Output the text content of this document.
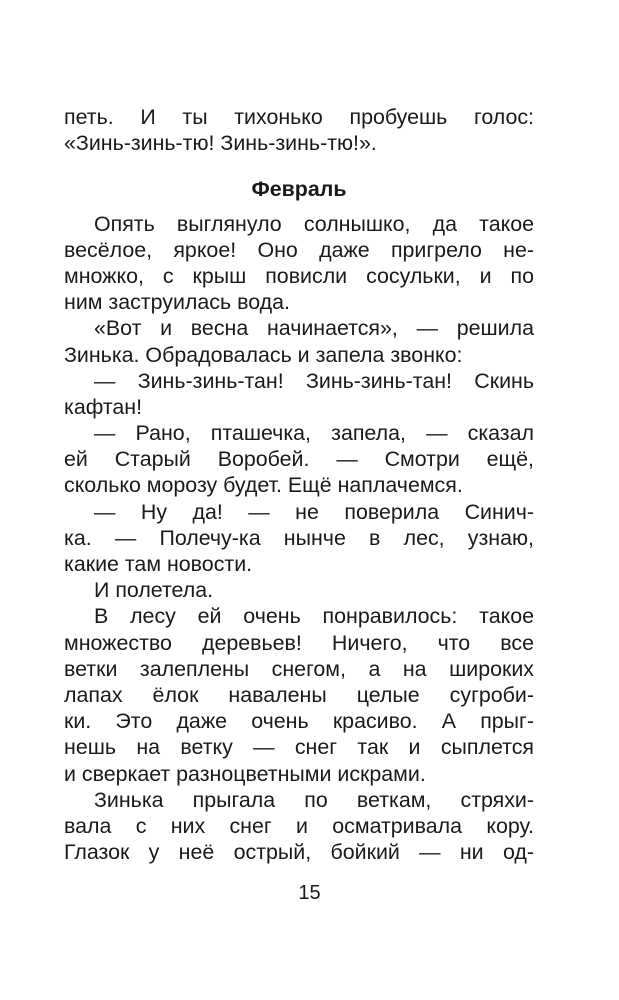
петь. И ты тихонько пробуешь голос:
«Зинь-зинь-тю! Зинь-зинь-тю!».
Февраль
Опять выглянуло солнышко, да такое
весёлое, яркое! Оно даже пригрело не-
множко, с крыш повисли сосульки, и по
ним заструилась вода.
«Вот и весна начинается», — решила
Зинька. Обрадовалась и запела звонко:
— Зинь-зинь-тан! Зинь-зинь-тан! Скинь
кафтан!
— Рано, пташечка, запела, — сказал
ей Старый Воробей. — Смотри ещё,
сколько морозу будет. Ещё наплачемся.
— Ну да! — не поверила Синич-
ка. — Полечу-ка нынче в лес, узнаю,
какие там новости.
И полетела.
В лесу ей очень понравилось: такое
множество деревьев! Ничего, что все
ветки залеплены снегом, а на широких
лапах ёлок навалены целые сугроби-
ки. Это даже очень красиво. А прыг-
нешь на ветку — снег так и сыплется
и сверкает разноцветными искрами.
Зинька прыгала по веткам, стряхи-
вала с них снег и осматривала кору.
Глазок у неё острый, бойкий — ни од-
15
